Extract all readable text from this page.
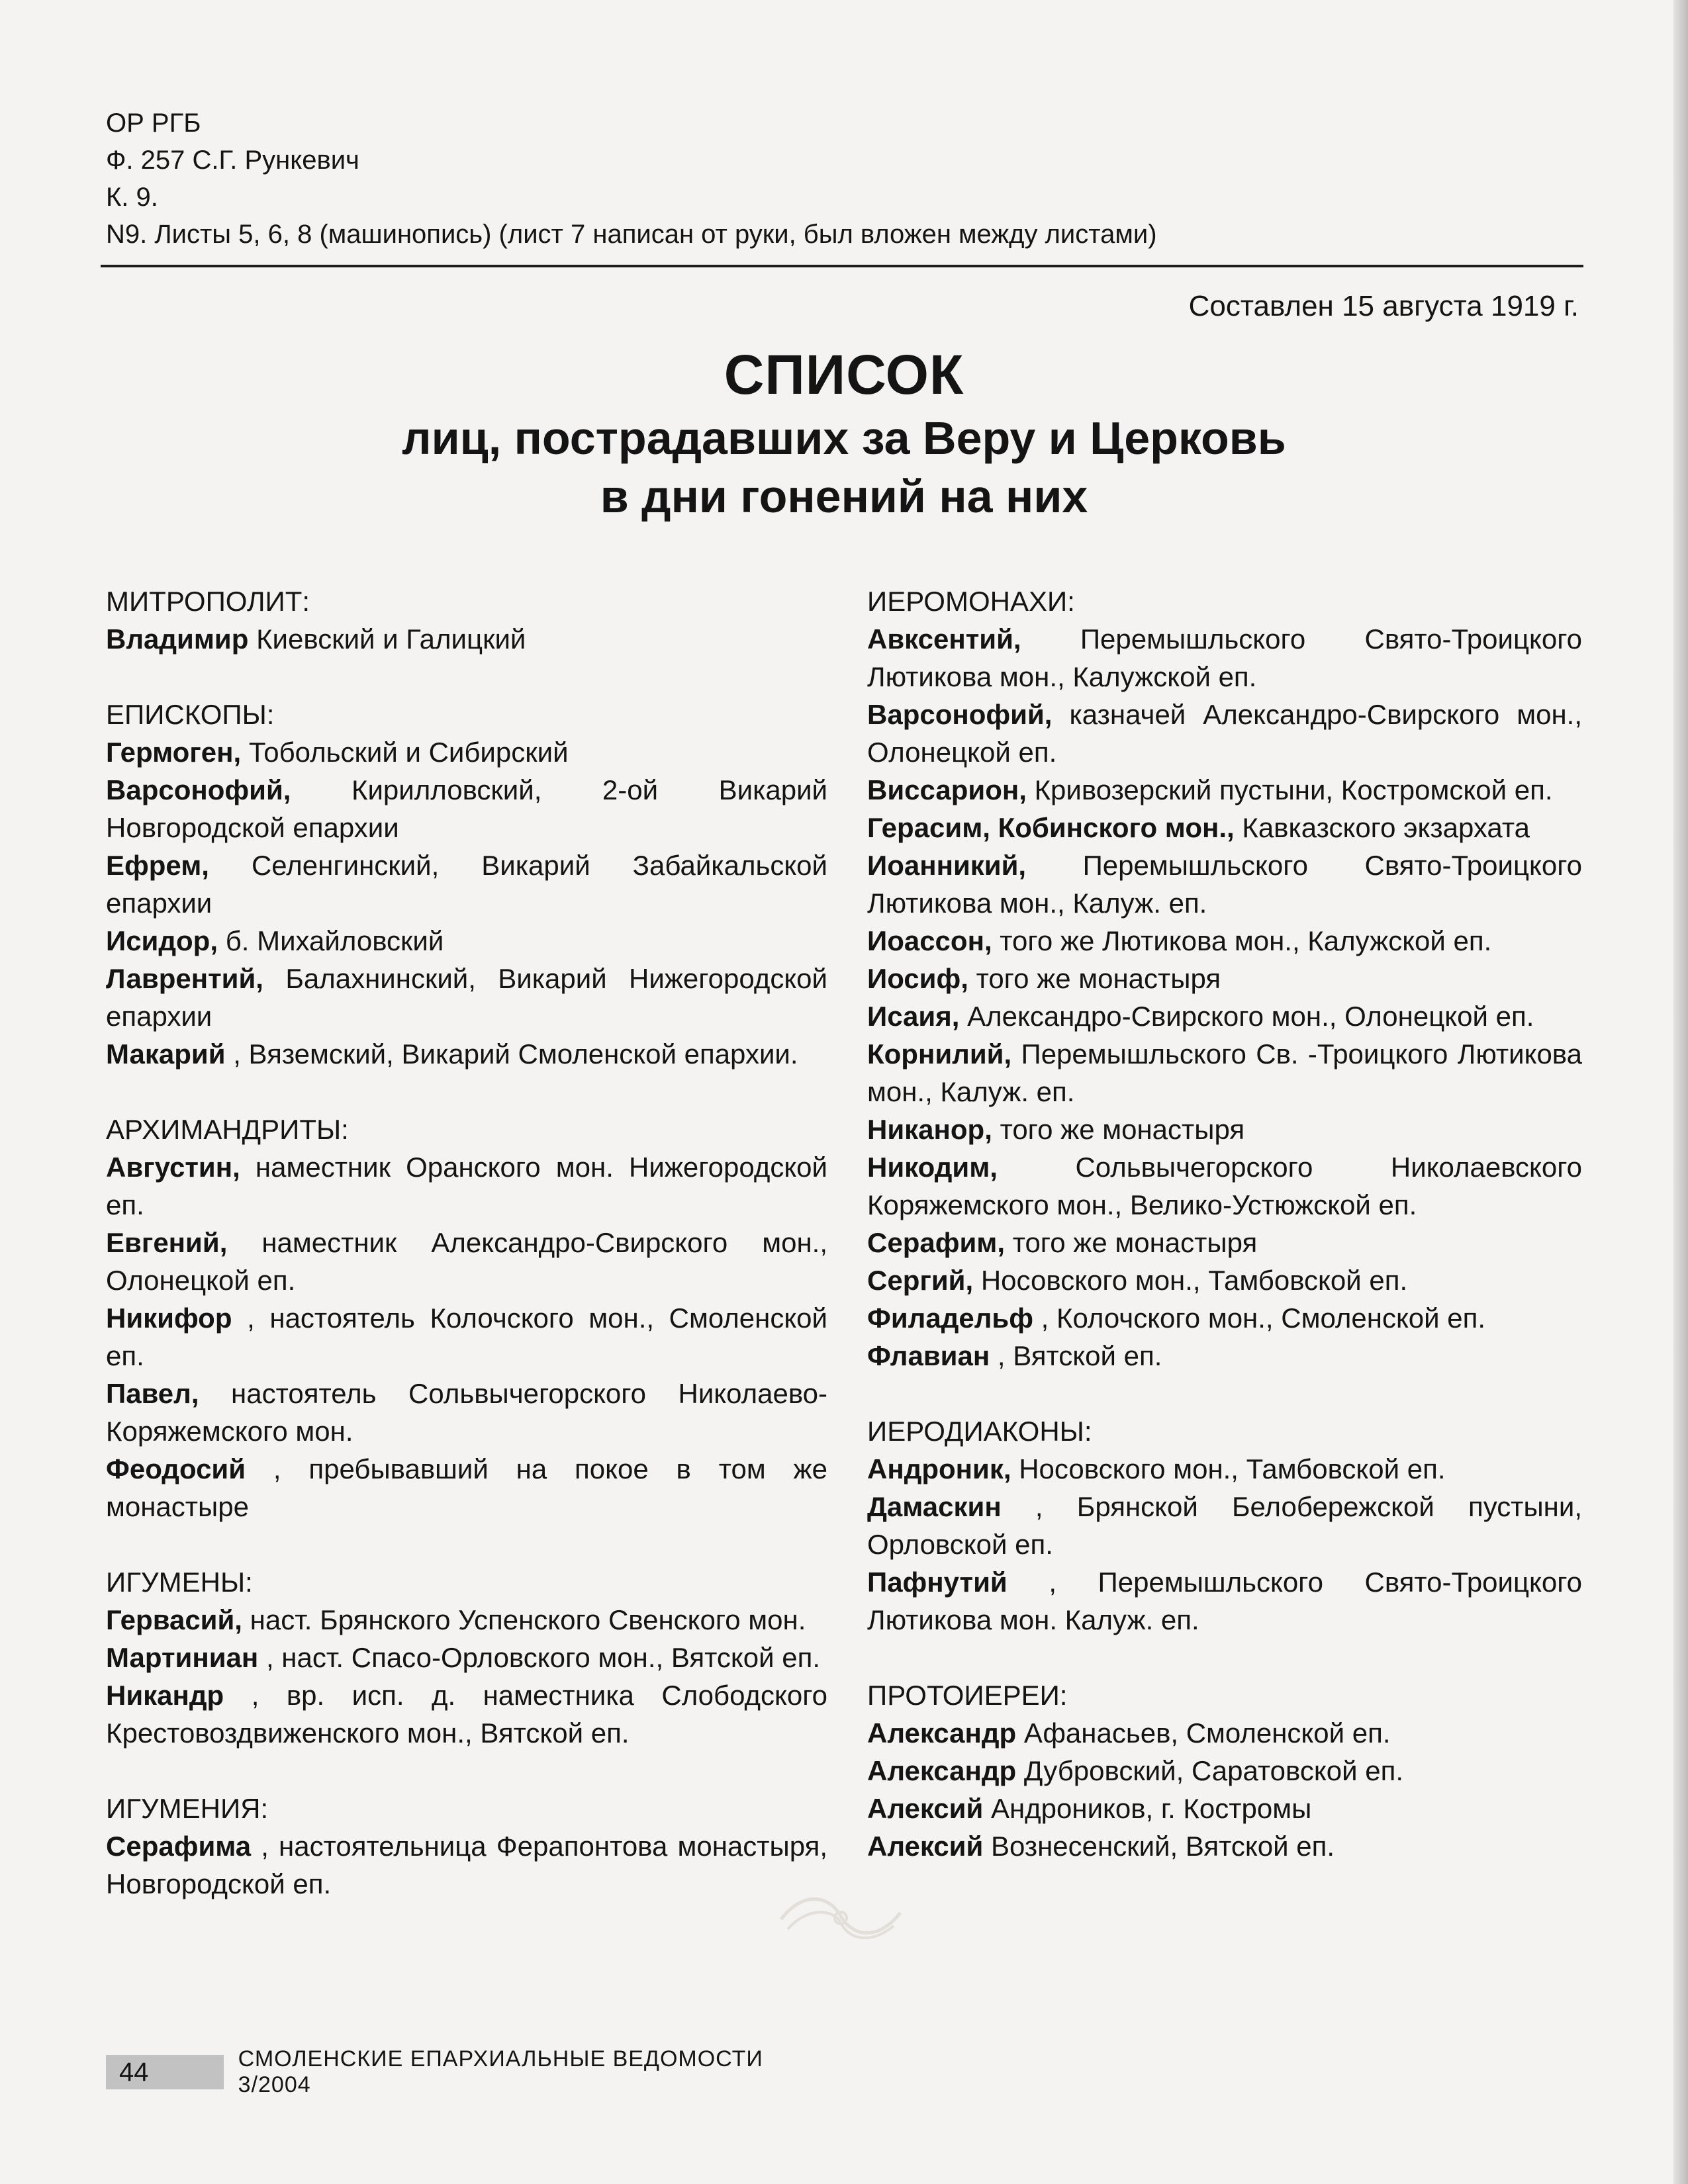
ОР РГБ
Ф. 257 С.Г. Рункевич
К. 9.
N9. Листы 5, 6, 8 (машинопись) (лист 7 написан от руки, был вложен между листами)
Составлен 15 августа 1919 г.
СПИСОК
лиц, пострадавших за Веру и Церковь
в дни гонений на них
МИТРОПОЛИТ:
Владимир Киевский и Галицкий
ЕПИСКОПЫ:
Гермоген, Тобольский и Сибирский
Варсонофий, Кирилловский, 2-ой Викарий Новгородской епархии
Ефрем, Селенгинский, Викарий Забайкальской епархии
Исидор, б. Михайловский
Лаврентий, Балахнинский, Викарий Нижегородской епархии
Макарий , Вяземский, Викарий Смоленской епархии.
АРХИМАНДРИТЫ:
Августин, наместник Оранского мон. Нижегородской еп.
Евгений, наместник Александро-Свирского мон., Олонецкой еп.
Никифор , настоятель Колочского мон., Смоленской еп.
Павел, настоятель Сольвычегорского Николаево-Коряжемского мон.
Феодосий , пребывавший на покое в том же монастыре
ИГУМЕНЫ:
Гервасий, наст. Брянского Успенского Свенского мон.
Мартиниан , наст. Спасо-Орловского мон., Вятской еп.
Никандр , вр. исп. д. наместника Слободского Крестовоздвиженского мон., Вятской еп.
ИГУМЕНИЯ:
Серафима , настоятельница Ферапонтова монастыря, Новгородской еп.
ИЕРОМОНАХИ:
Авксентий, Перемышльского Свято-Троицкого Лютикова мон., Калужской еп.
Варсонофий, казначей Александро-Свирского мон., Олонецкой еп.
Виссарион, Кривозерский пустыни, Костромской еп.
Герасим, Кобинского мон., Кавказского экзархата
Иоанникий, Перемышльского Свято-Троицкого Лютикова мон., Калуж. еп.
Иоассон, того же Лютикова мон., Калужской еп.
Иосиф, того же монастыря
Исаия, Александро-Свирского мон., Олонецкой еп.
Корнилий, Перемышльского Св. -Троицкого Лютикова мон., Калуж. еп.
Никанор, того же монастыря
Никодим,	Сольвычегорского Николаевского Коряжемского мон., Велико-Устюжской еп.
Серафим, того же монастыря
Сергий, Носовского мон., Тамбовской еп.
Филадельф , Колочского мон., Смоленской еп.
Флавиан , Вятской еп.
ИЕРОДИАКОНЫ:
Андроник, Носовского мон., Тамбовской еп.
Дамаскин , Брянской Белобережской пустыни, Орловской еп.
Пафнутий , Перемышльского Свято-Троицкого Лютикова мон. Калуж. еп.
ПРОТОИЕРЕИ:
Александр Афанасьев, Смоленской еп.
Александр Дубровский, Саратовской еп.
Алексий Андроников, г. Костромы
Алексий Вознесенский, Вятской еп.
44	СМОЛЕНСКИЕ ЕПАРХИАЛЬНЫЕ ВЕДОМОСТИ 3/2004
